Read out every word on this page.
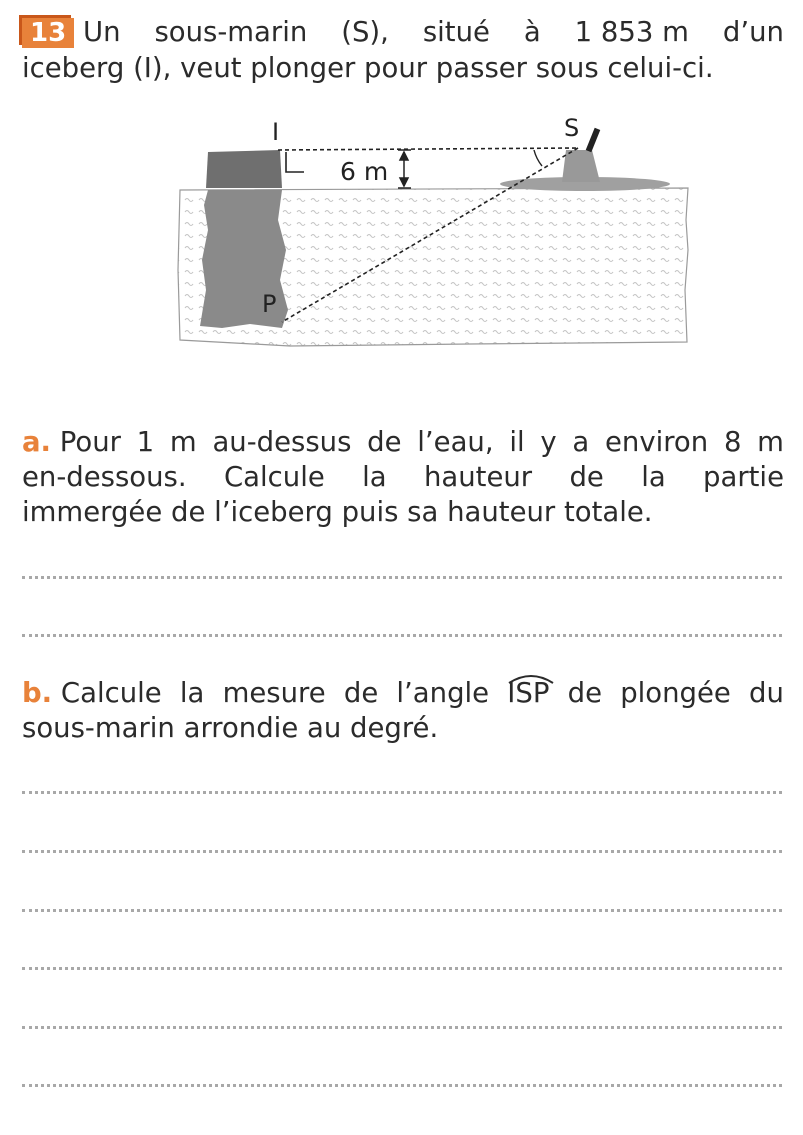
13 Un sous-marin (S), situé à 1 853 m d’un
iceberg (I), veut plonger pour passer sous celui-ci.
I	S
P
6 m
a. Pour 1 m au-dessus de l’eau, il y a environ 8 m
en-dessous. Calcule la hauteur de la partie
immergée de l’iceberg puis sa hauteur totale.
b. Calcule la mesure de l’angle ISP de plongée du
sous-marin arrondie au degré.
